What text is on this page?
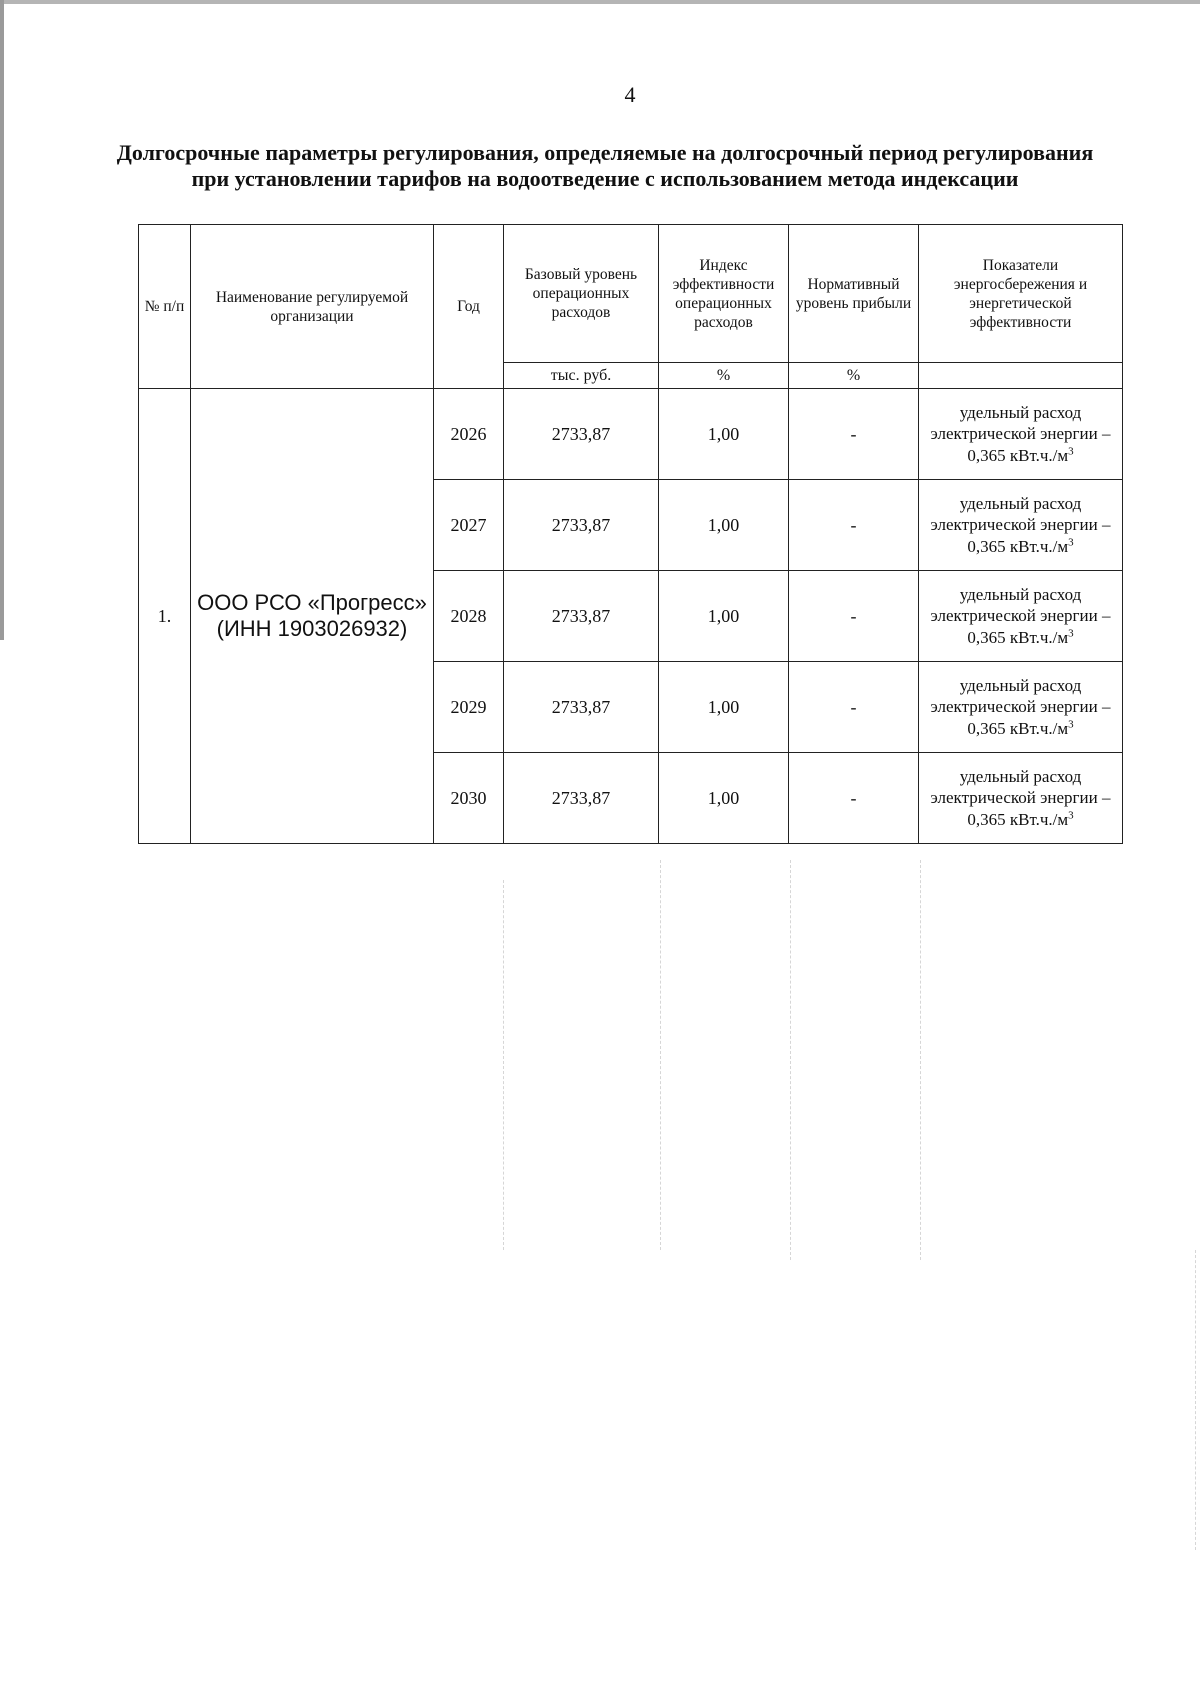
4
Долгосрочные параметры регулирования, определяемые на долгосрочный период регулирования при установлении тарифов на водоотведение с использованием метода индексации
№ п/п	Наименование регулируемой организации	Год	Базовый уровень операционных расходов	Индекс эффективности операционных расходов	Нормативный уровень прибыли	Показатели энергосбережения и энергетической эффективности
			тыс. руб.	%	%	
1.	ООО РСО «Прогресс» (ИНН 1903026932)	2026	2733,87	1,00	-	удельный расход электрической энергии – 0,365 $кВт.ч./м^3$
		2027	2733,87	1,00	-	удельный расход электрической энергии – 0,365 $кВт.ч./м^3$
		2028	2733,87	1,00	-	удельный расход электрической энергии – 0,365 $кВт.ч./м^3$
		2029	2733,87	1,00	-	удельный расход электрической энергии – 0,365 $кВт.ч./м^3$
		2030	2733,87	1,00	-	удельный расход электрической энергии – 0,365 $кВт.ч./м^3$
